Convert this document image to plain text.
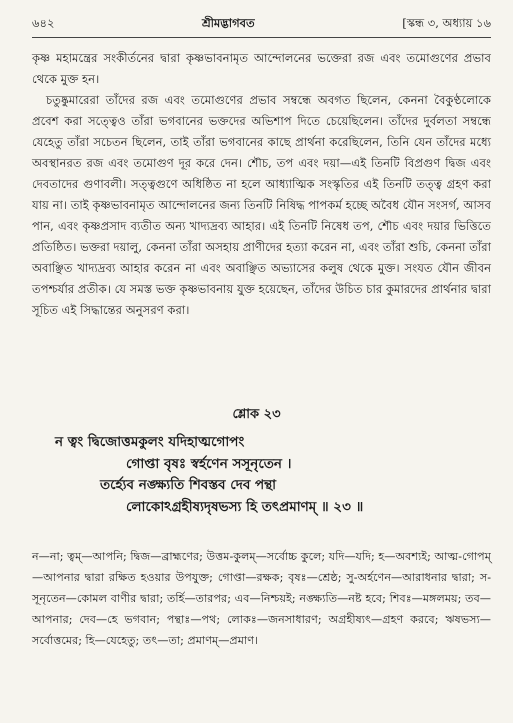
৬৪২	শ্রীমদ্ভাগবত	[স্কন্ধ ৩, অধ্যায় ১৬

কৃষ্ণ মহামন্ত্রের সংকীর্তনের দ্বারা কৃষ্ণভাবনামৃত আন্দোলনের ভক্তেরা রজ এবং তমোগুণের প্রভাব থেকে মুক্ত হন।

চতুষ্কুমারেরা তাঁদের রজ এবং তমোগুণের প্রভাব সম্বন্ধে অবগত ছিলেন, কেননা বৈকুণ্ঠলোকে প্রবেশ করা সত্ত্বেও তাঁরা ভগবানের ভক্তদের অভিশাপ দিতে চেয়েছিলেন। তাঁদের দুর্বলতা সম্বন্ধে যেহেতু তাঁরা সচেতন ছিলেন, তাই তাঁরা ভগবানের কাছে প্রার্থনা করেছিলেন, তিনি যেন তাঁদের মধ্যে অবস্থানরত রজ এবং তমোগুণ দূর করে দেন। শৌচ, তপ এবং দয়া—এই তিনটি বিপ্রগুণ দ্বিজ এবং দেবতাদের গুণাবলী। সত্ত্বগুণে অধিষ্ঠিত না হলে আধ্যাত্মিক সংস্কৃতির এই তিনটি তত্ত্ব গ্রহণ করা যায় না। তাই কৃষ্ণভাবনামৃত আন্দোলনের জন্য তিনটি নিষিদ্ধ পাপকর্ম হচ্ছে অবৈধ যৌন সংসর্গ, আসব পান, এবং কৃষ্ণপ্রসাদ ব্যতীত অন্য খাদ্যদ্রব্য আহার। এই তিনটি নিষেধ তপ, শৌচ এবং দয়ার ভিত্তিতে প্রতিষ্ঠিত। ভক্তরা দয়ালু, কেননা তাঁরা অসহায় প্রাণীদের হত্যা করেন না, এবং তাঁরা শুচি, কেননা তাঁরা অবাঞ্ছিত খাদ্যদ্রব্য আহার করেন না এবং অবাঞ্ছিত অভ্যাসের কলুষ থেকে মুক্ত। সংযত যৌন জীবন তপশ্চর্যার প্রতীক। যে সমস্ত ভক্ত কৃষ্ণভাবনায় যুক্ত হয়েছেন, তাঁদের উচিত চার কুমারদের প্রার্থনার দ্বারা সূচিত এই সিদ্ধান্তের অনুসরণ করা।

শ্লোক ২৩
ন ত্বং দ্বিজোত্তমকুলং যদিহাত্মগোপং
গোপ্তা বৃষঃ স্বর্হণেন সসূনৃতেন ।
তর্হ্যেব নঙ্ক্ষ্যতি শিবস্তব দেব পন্থা
লোকোঽগ্রহীষ্যদৃষভস্য হি তৎপ্রমাণম্ ॥ ২৩ ॥

ন—না; ত্বম্—আপনি; দ্বিজ—ব্রাহ্মণের; উত্তম-কুলম্—সর্বোচ্চ কুলে; যদি—যদি; হ—অবশ্যই; আত্ম-গোপম্—আপনার দ্বারা রক্ষিত হওয়ার উপযুক্ত; গোপ্তা—রক্ষক; বৃষঃ—শ্রেষ্ঠ; সু-অর্হণেন—আরাধনার দ্বারা; স-সূনৃতেন—কোমল বাণীর দ্বারা; তর্হি—তারপর; এব—নিশ্চয়ই; নঙ্ক্ষ্যতি—নষ্ট হবে; শিবঃ—মঙ্গলময়; তব—আপনার; দেব—হে ভগবান; পন্থাঃ—পথ; লোকঃ—জনসাধারণ; অগ্রহীষ্যৎ—গ্রহণ করবে; ঋষভস্য—সর্বোত্তমের; হি—যেহেতু; তৎ—তা; প্রমাণম্—প্রমাণ।
